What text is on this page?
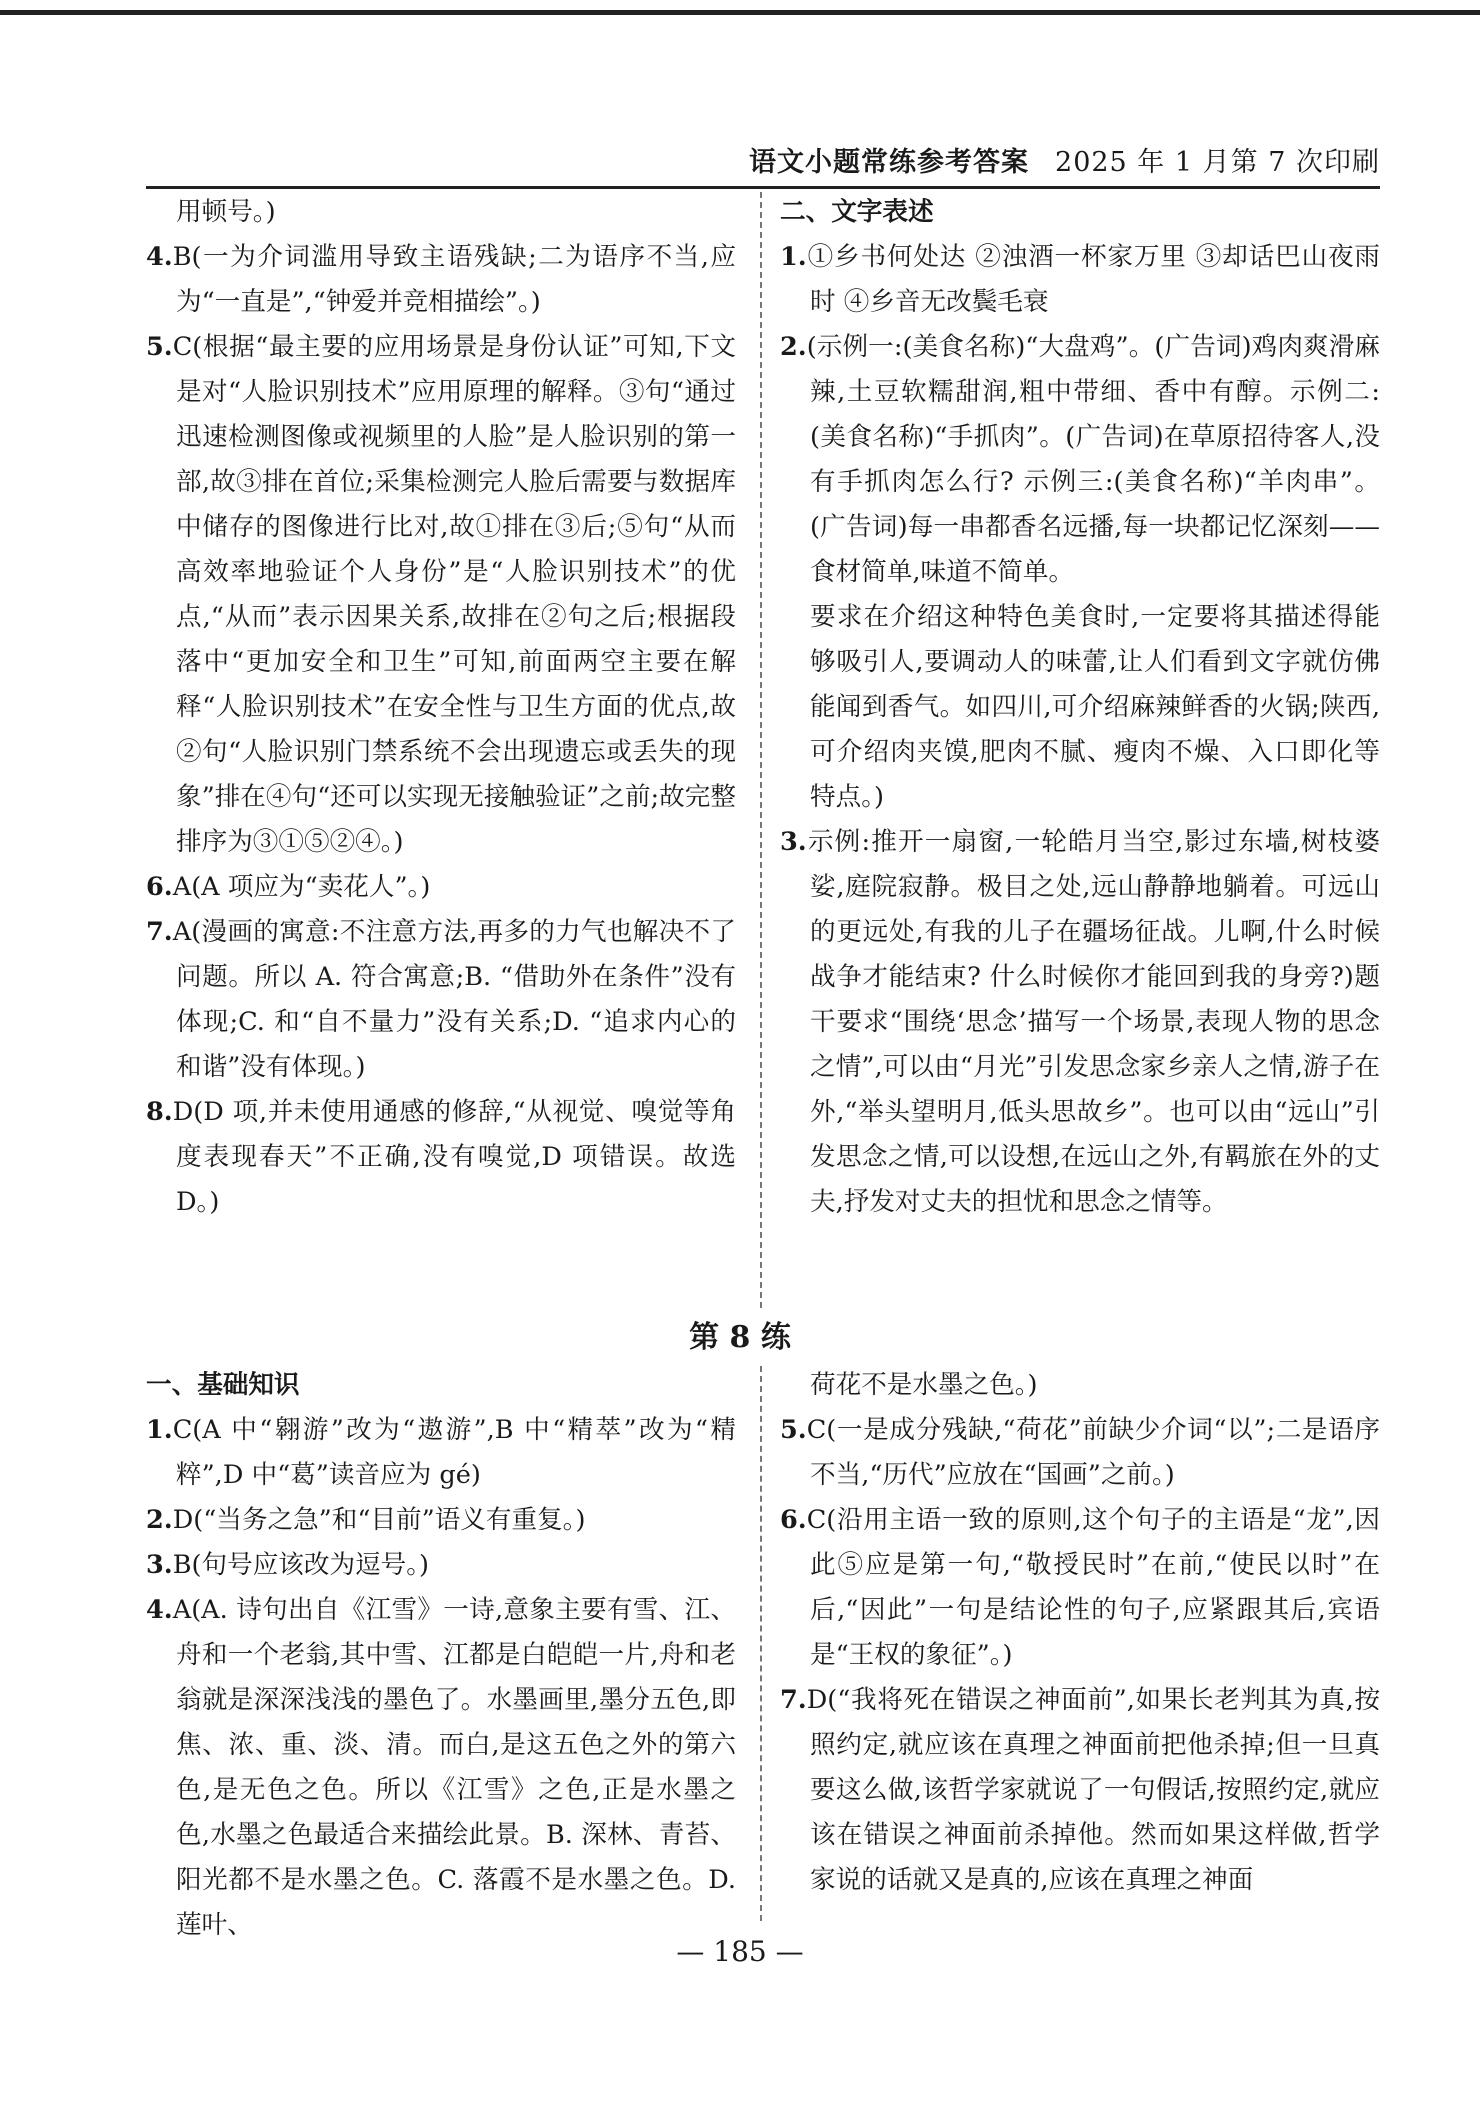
语文小题常练参考答案 2025 年 1 月第 7 次印刷
用顿号。)
4.B(一为介词滥用导致主语残缺;二为语序不当,应为“一直是”,“钟爱并竞相描绘”。)
5.C(根据“最主要的应用场景是身份认证”可知,下文是对“人脸识别技术”应用原理的解释。③句“通过迅速检测图像或视频里的人脸”是人脸识别的第一部,故③排在首位;采集检测完人脸后需要与数据库中储存的图像进行比对,故①排在③后;⑤句“从而高效率地验证个人身份”是“人脸识别技术”的优点,“从而”表示因果关系,故排在②句之后;根据段落中“更加安全和卫生”可知,前面两空主要在解释“人脸识别技术”在安全性与卫生方面的优点,故②句“人脸识别门禁系统不会出现遗忘或丢失的现象”排在④句“还可以实现无接触验证”之前;故完整排序为③①⑤②④。)
6.A(A 项应为“卖花人”。)
7.A(漫画的寓意:不注意方法,再多的力气也解决不了问题。所以 A. 符合寓意;B. “借助外在条件”没有体现;C. 和“自不量力”没有关系;D. “追求内心的和谐”没有体现。)
8.D(D 项,并未使用通感的修辞,“从视觉、嗅觉等角度表现春天”不正确,没有嗅觉,D 项错误。故选 D。)
二、文字表述
1.①乡书何处达 ②浊酒一杯家万里 ③却话巴山夜雨时 ④乡音无改鬓毛衰
2.(示例一:(美食名称)“大盘鸡”。(广告词)鸡肉爽滑麻辣,土豆软糯甜润,粗中带细、香中有醇。示例二:(美食名称)“手抓肉”。(广告词)在草原招待客人,没有手抓肉怎么行? 示例三:(美食名称)“羊肉串”。(广告词)每一串都香名远播,每一块都记忆深刻——食材简单,味道不简单。
要求在介绍这种特色美食时,一定要将其描述得能够吸引人,要调动人的味蕾,让人们看到文字就仿佛能闻到香气。如四川,可介绍麻辣鲜香的火锅;陕西,可介绍肉夹馍,肥肉不腻、瘦肉不燥、入口即化等特点。)
3.示例:推开一扇窗,一轮皓月当空,影过东墙,树枝婆娑,庭院寂静。极目之处,远山静静地躺着。可远山的更远处,有我的儿子在疆场征战。儿啊,什么时候战争才能结束? 什么时候你才能回到我的身旁?)题干要求“围绕‘思念’描写一个场景,表现人物的思念之情”,可以由“月光”引发思念家乡亲人之情,游子在外,“举头望明月,低头思故乡”。也可以由“远山”引发思念之情,可以设想,在远山之外,有羁旅在外的丈夫,抒发对丈夫的担忧和思念之情等。
第 8 练
一、基础知识
1.C(A 中“翱游”改为“遨游”,B 中“精萃”改为“精粹”,D 中“葛”读音应为 gé)
2.D(“当务之急”和“目前”语义有重复。)
3.B(句号应该改为逗号。)
4.A(A. 诗句出自《江雪》一诗,意象主要有雪、江、舟和一个老翁,其中雪、江都是白皑皑一片,舟和老翁就是深深浅浅的墨色了。水墨画里,墨分五色,即焦、浓、重、淡、清。而白,是这五色之外的第六色,是无色之色。所以《江雪》之色,正是水墨之色,水墨之色最适合来描绘此景。B. 深林、青苔、阳光都不是水墨之色。C. 落霞不是水墨之色。D. 莲叶、
荷花不是水墨之色。)
5.C(一是成分残缺,“荷花”前缺少介词“以”;二是语序不当,“历代”应放在“国画”之前。)
6.C(沿用主语一致的原则,这个句子的主语是“龙”,因此⑤应是第一句,“敬授民时”在前,“使民以时”在后,“因此”一句是结论性的句子,应紧跟其后,宾语是“王权的象征”。)
7.D(“我将死在错误之神面前”,如果长老判其为真,按照约定,就应该在真理之神面前把他杀掉;但一旦真要这么做,该哲学家就说了一句假话,按照约定,就应该在错误之神面前杀掉他。然而如果这样做,哲学家说的话就又是真的,应该在真理之神面
— 185 —
